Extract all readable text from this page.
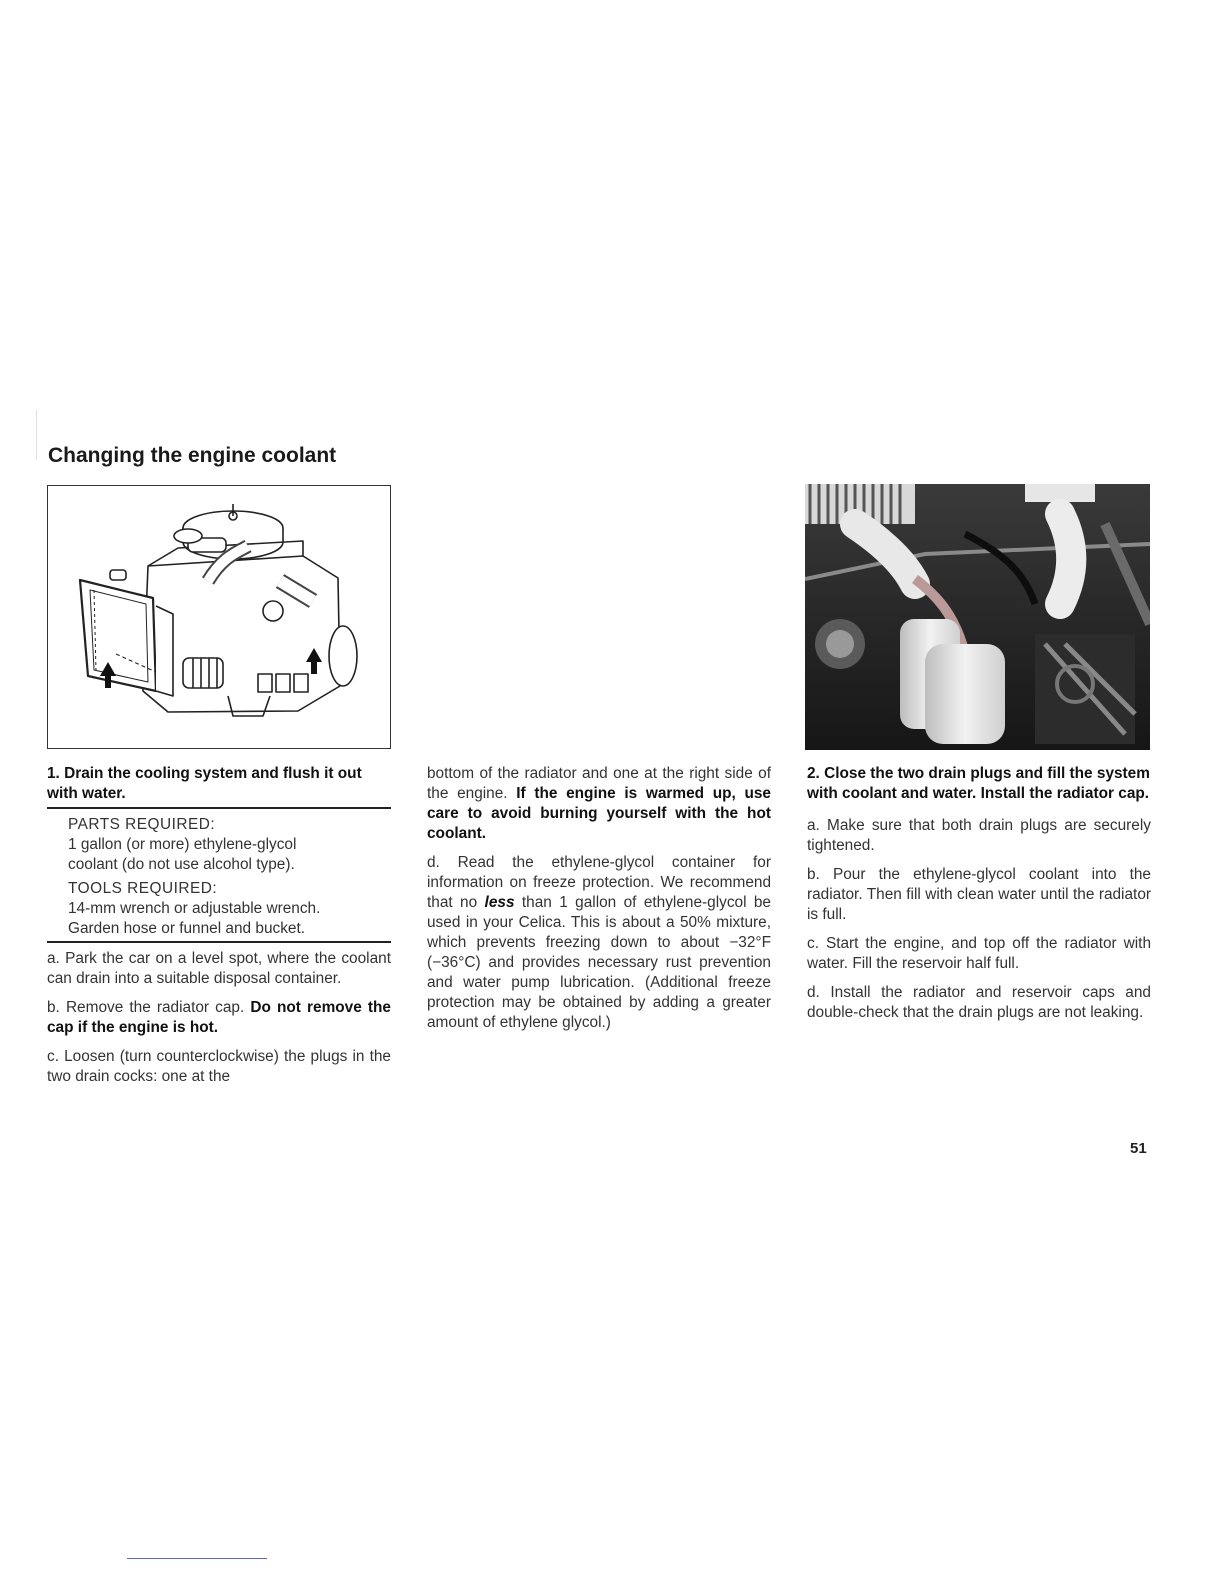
Changing the engine coolant
1. Drain the cooling system and flush it out with water.
PARTS REQUIRED:
1 gallon (or more) ethylene-glycol
coolant (do not use alcohol type).
TOOLS REQUIRED:
14-mm wrench or adjustable wrench.
Garden hose or funnel and bucket.

a. Park the car on a level spot, where the coolant can drain into a suitable disposal container.

b. Remove the radiator cap. Do not remove the cap if the engine is hot.

c. Loosen (turn counterclockwise) the plugs in the two drain cocks: one at the

bottom of the radiator and one at the right side of the engine. If the engine is warmed up, use care to avoid burning yourself with the hot coolant.

d. Read the ethylene-glycol container for information on freeze protection. We recommend that no less than 1 gallon of ethylene-glycol be used in your Celica. This is about a 50% mixture, which prevents freezing down to about −32°F (−36°C) and provides necessary rust prevention and water pump lubrication. (Additional freeze protection may be obtained by adding a greater amount of ethylene glycol.)

2. Close the two drain plugs and fill the system with coolant and water. Install the radiator cap.

a. Make sure that both drain plugs are securely tightened.

b. Pour the ethylene-glycol coolant into the radiator. Then fill with clean water until the radiator is full.

c. Start the engine, and top off the radiator with water. Fill the reservoir half full.

d. Install the radiator and reservoir caps and double-check that the drain plugs are not leaking.

51
